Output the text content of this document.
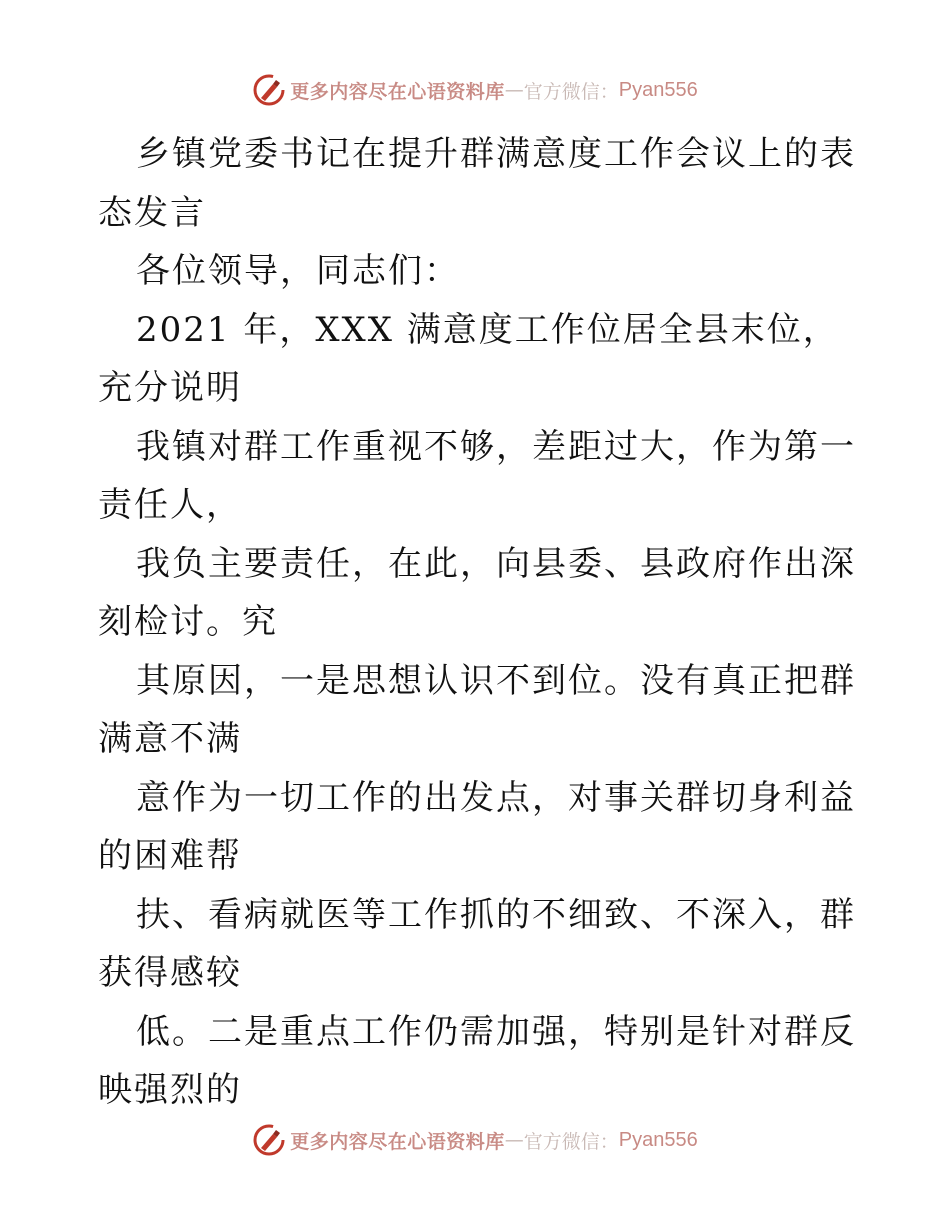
更多内容尽在心语资料库 — 官方微信： Pyan556

乡镇党委书记在提升群满意度工作会议上的表态发言

各位领导，同志们：

2021 年，XXX 满意度工作位居全县末位，充分说明

我镇对群工作重视不够，差距过大，作为第一责任人，

我负主要责任，在此，向县委、县政府作出深刻检讨。究

其原因，一是思想认识不到位。没有真正把群满意不满

意作为一切工作的出发点，对事关群切身利益的困难帮

扶、看病就医等工作抓的不细致、不深入，群获得感较

低。二是重点工作仍需加强，特别是针对群反映强烈的

更多内容尽在心语资料库 — 官方微信： Pyan556
